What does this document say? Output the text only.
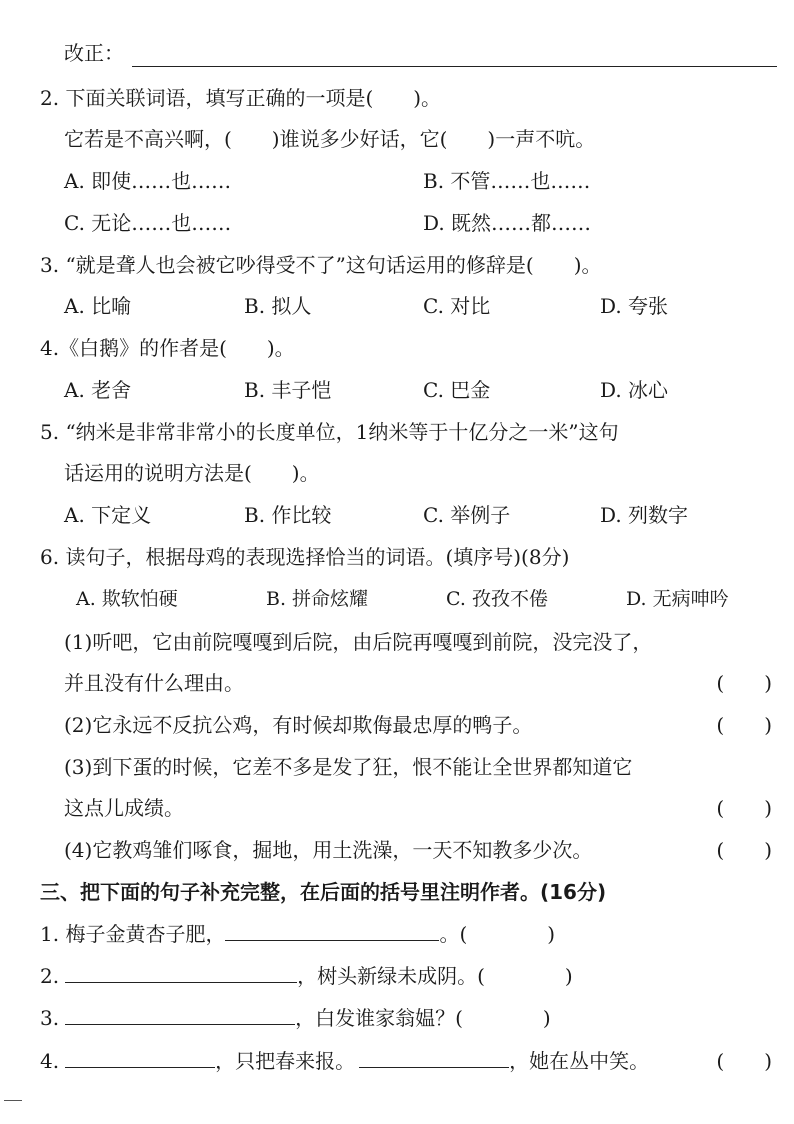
改正：
2. 下面关联词语，填写正确的一项是(　　)。
它若是不高兴啊，(　　)谁说多少好话，它(　　)一声不吭。
A. 即使……也……	B. 不管……也……
C. 无论……也……	D. 既然……都……
3. “就是聋人也会被它吵得受不了”这句话运用的修辞是(　　)。
A. 比喻	B. 拟人	C. 对比	D. 夸张
4.《白鹅》的作者是(　　)。
A. 老舍	B. 丰子恺	C. 巴金	D. 冰心
5. “纳米是非常非常小的长度单位，1纳米等于十亿分之一米”这句
话运用的说明方法是(　　)。
A. 下定义	B. 作比较	C. 举例子	D. 列数字
6. 读句子，根据母鸡的表现选择恰当的词语。(填序号)(8分)
A. 欺软怕硬	B. 拼命炫耀	C. 孜孜不倦	D. 无病呻吟
(1)听吧，它由前院嘎嘎到后院，由后院再嘎嘎到前院，没完没了，
并且没有什么理由。	(　　)
(2)它永远不反抗公鸡，有时候却欺侮最忠厚的鸭子。	(　　)
(3)到下蛋的时候，它差不多是发了狂，恨不能让全世界都知道它
这点儿成绩。	(　　)
(4)它教鸡雏们啄食，掘地，用土洗澡，一天不知教多少次。	(　　)
三、把下面的句子补充完整，在后面的括号里注明作者。(16分)
1. 梅子金黄杏子肥，	。(　　　　)
2.	，树头新绿未成阴。(　　　　)
3.	，白发谁家翁媪？(　　　　)
4.	，只把春来报。	，她在丛中笑。	(　　)
